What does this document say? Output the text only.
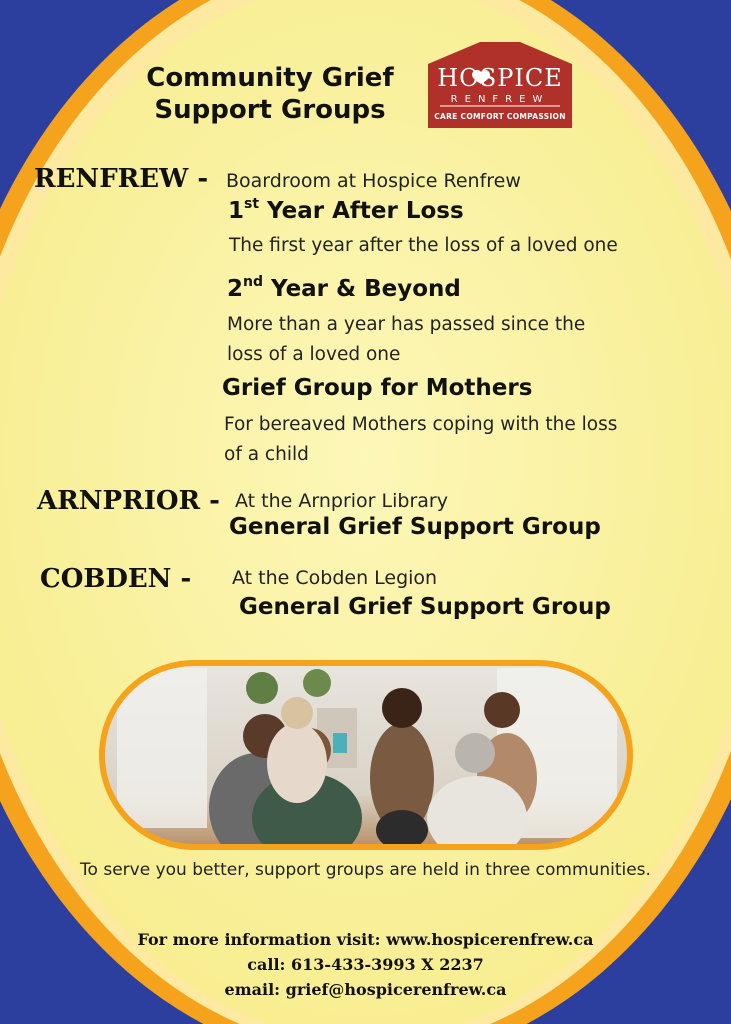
Community Grief
Support Groups
HOSPICE
RENFREW
CARE COMFORT COMPASSION
RENFREW - Boardroom at Hospice Renfrew
1st Year After Loss
The first year after the loss of a loved one
2nd Year & Beyond
More than a year has passed since the
loss of a loved one
Grief Group for Mothers
For bereaved Mothers coping with the loss
of a child
ARNPRIOR - At the Arnprior Library
General Grief Support Group
COBDEN - At the Cobden Legion
General Grief Support Group
To serve you better, support groups are held in three communities.
For more information visit: www.hospicerenfrew.ca
call: 613-433-3993 X 2237
email: grief@hospicerenfrew.ca
